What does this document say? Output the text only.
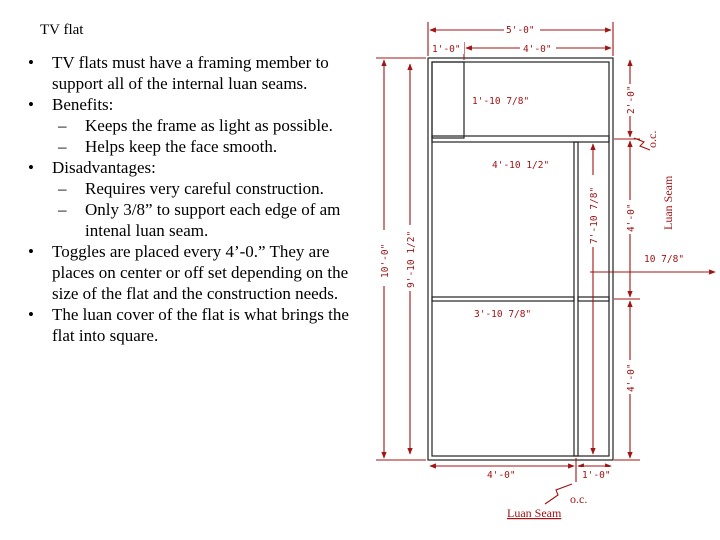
TV flat
• TV flats must have a framing member to support all of the internal luan seams.
• Benefits:
– Keeps the frame as light as possible.
– Helps keep the face smooth.
• Disadvantages:
– Requires very careful construction.
– Only 3/8” to support each edge of am intenal luan seam.
• Toggles are placed every 4’-0.” They are places on center or off set depending on the size of the flat and the construction needs.
• The luan cover of the flat is what brings the flat into square.
5'-0"
1'-0"	4'-0"
1'-10 7/8"
4'-10 1/2"
3'-10 7/8"
10'-0" 9'-10 1/2"
7'-10 7/8"
2'-0"
4'-0"
4'-0"
10 7/8"
4'-0"	1'-0"
o.c.
Luan Seam
o.c.
Luan Seam
